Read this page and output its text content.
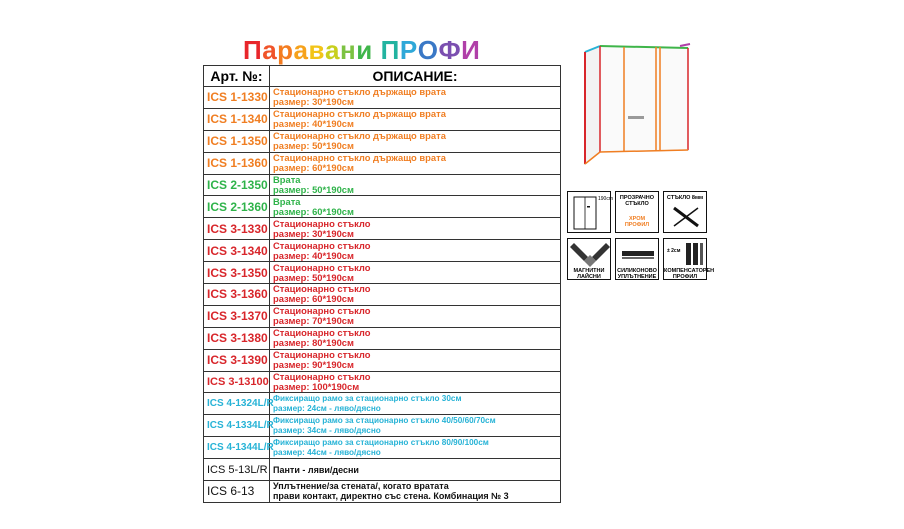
Паравани ПРОФИ
Арт. №:	ОПИСАНИЕ:
ICS 1-1330	Стационарно стъкло държащо врата
размер: 30*190см

ICS 1-1340	Стационарно стъкло държащо врата
размер: 40*190см

ICS 1-1350	Стационарно стъкло държащо врата
размер: 50*190см

ICS 1-1360	Стационарно стъкло държащо врата
размер: 60*190см

ICS 2-1350	Врата
размер: 50*190см

ICS 2-1360	Врата
размер: 60*190см

ICS 3-1330	Стационарно стъкло
размер: 30*190см

ICS 3-1340	Стационарно стъкло
размер: 40*190см

ICS 3-1350	Стационарно стъкло
размер: 50*190см

ICS 3-1360	Стационарно стъкло
размер: 60*190см

ICS 3-1370	Стационарно стъкло
размер: 70*190см

ICS 3-1380	Стационарно стъкло
размер: 80*190см

ICS 3-1390	Стационарно стъкло
размер: 90*190см

ICS 3-13100	Стационарно стъкло
размер: 100*190см

ICS 4-1324L/R	Фиксиращо рамо за стационарно стъкло 30см
размер: 24см - ляво/дясно

ICS 4-1334L/R	Фиксиращо рамо за стационарно стъкло 40/50/60/70см
размер: 34см - ляво/дясно

ICS 4-1344L/R	Фиксиращо рамо за стационарно стъкло 80/90/100см
размер: 44см - ляво/дясно

ICS 5-13L/R	Панти - ляви/десни

ICS 6-13	Уплътнение/за стената/, когато вратата
прави контакт, директно със стена. Комбинация № 3
190cm	ПРОЗРАЧНО
СТЪКЛО
ХРОМ
ПРОФИЛ
СТЪКЛО 8мм
МАГНИТНИ
ЛАЙСНИ
СИЛИКОНОВО
УПЛЪТНЕНИЕ
± 2см
КОМПЕНСАТОРЕН
ПРОФИЛ
